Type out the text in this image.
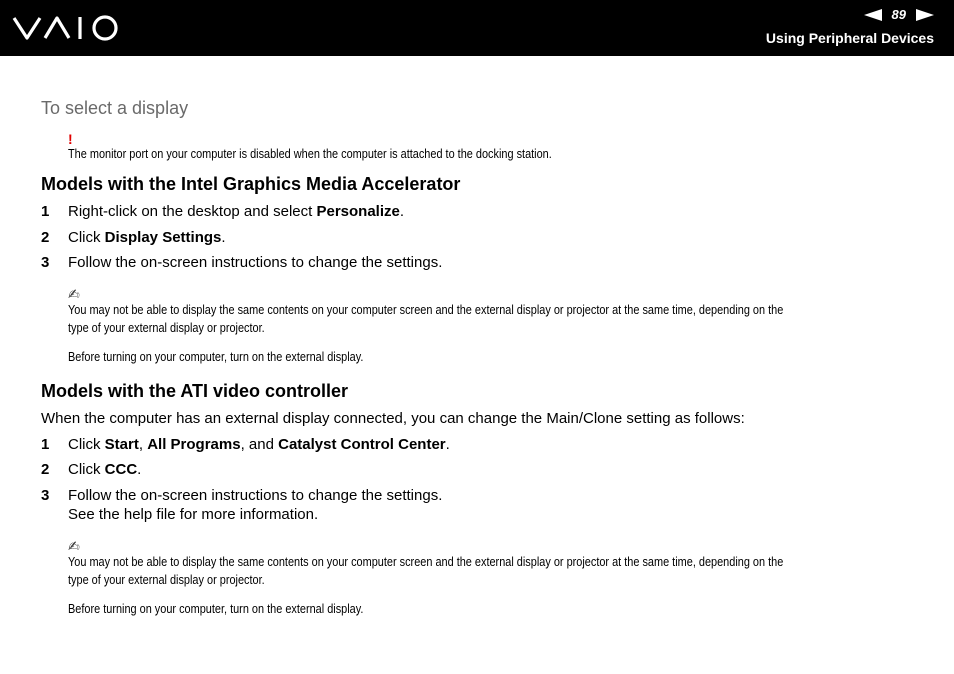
89
Using Peripheral Devices
To select a display
!
The monitor port on your computer is disabled when the computer is attached to the docking station.
Models with the Intel Graphics Media Accelerator
1 Right-click on the desktop and select Personalize.
2 Click Display Settings.
3 Follow the on-screen instructions to change the settings.
✍
You may not be able to display the same contents on your computer screen and the external display or projector at the same time, depending on the
type of your external display or projector.
Before turning on your computer, turn on the external display.
Models with the ATI video controller
When the computer has an external display connected, you can change the Main/Clone setting as follows:
1 Click Start, All Programs, and Catalyst Control Center.
2 Click CCC.
3 Follow the on-screen instructions to change the settings.
See the help file for more information.
✍
You may not be able to display the same contents on your computer screen and the external display or projector at the same time, depending on the
type of your external display or projector.
Before turning on your computer, turn on the external display.
